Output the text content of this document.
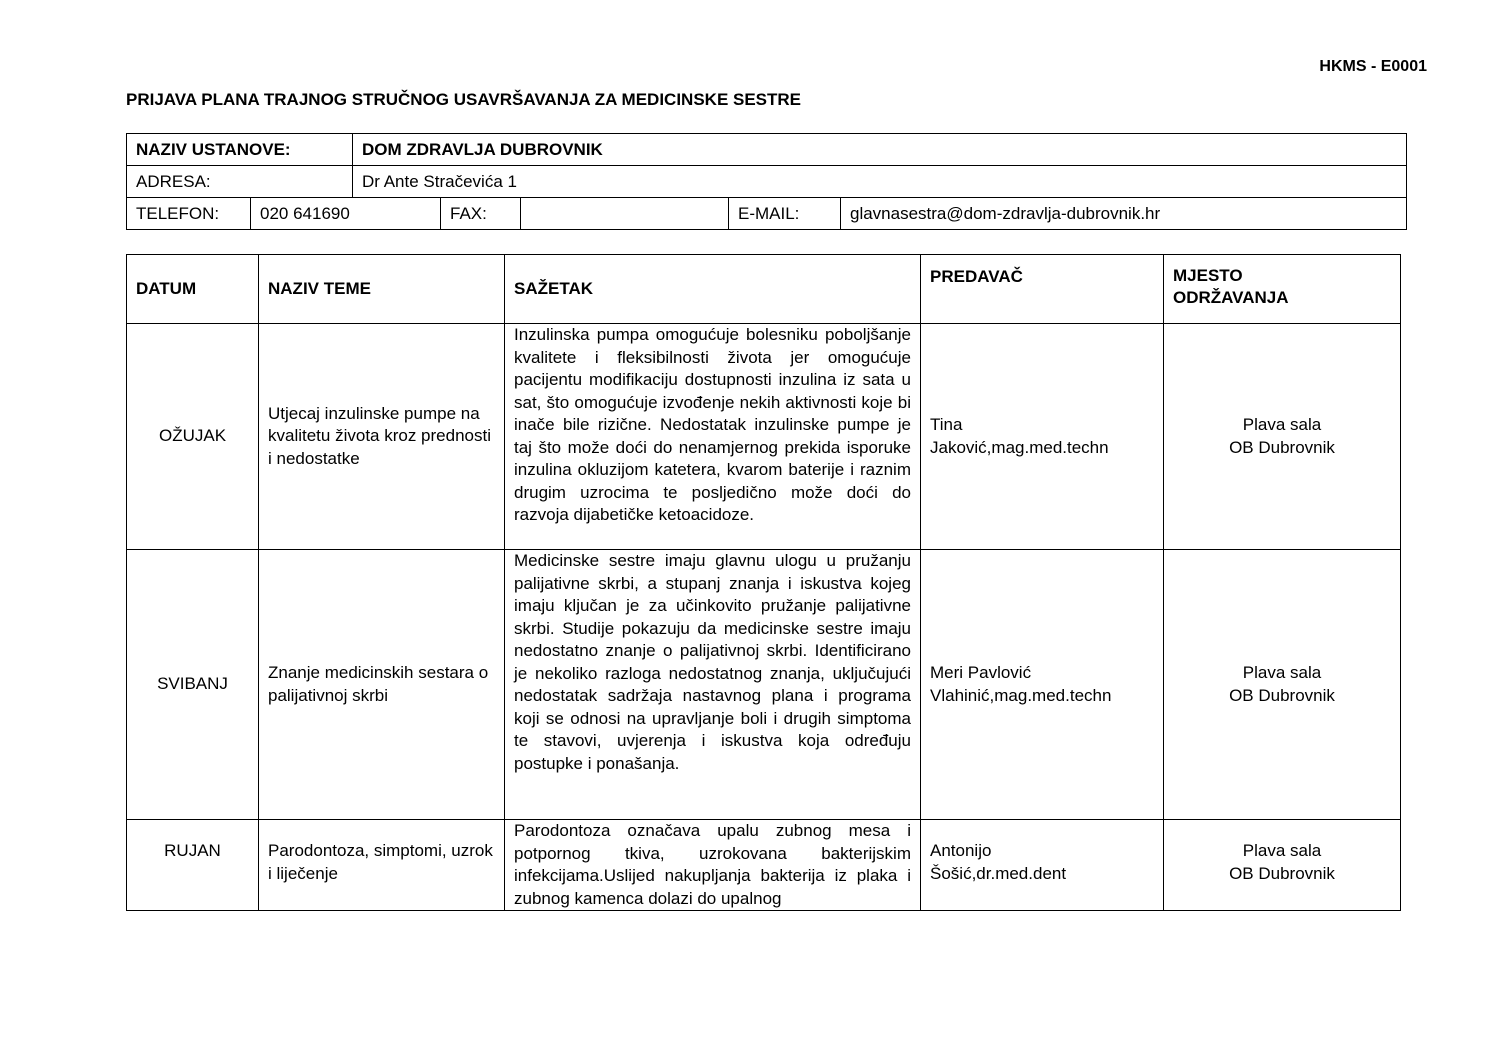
HKMS - E0001
PRIJAVA PLANA TRAJNOG STRUČNOG USAVRŠAVANJA ZA MEDICINSKE SESTRE
NAZIV USTANOVE:	DOM ZDRAVLJA DUBROVNIK
ADRESA:	Dr Ante Stračevića 1
TELEFON:	020 641690	FAX:	E-MAIL:	glavnasestra@dom-zdravlja-dubrovnik.hr
DATUM	NAZIV TEME	SAŽETAK	PREDAVAČ	MJESTO
ODRŽAVANJA
OŽUJAK	Utjecaj inzulinske pumpe na kvalitetu života kroz prednosti i nedostatke	Inzulinska pumpa omogućuje bolesniku poboljšanje kvalitete i fleksibilnosti života jer omogućuje pacijentu modifikaciju dostupnosti inzulina iz sata u sat, što omogućuje izvođenje nekih aktivnosti koje bi inače bile rizične. Nedostatak inzulinske pumpe je taj što može doći do nenamjernog prekida isporuke inzulina okluzijom katetera, kvarom baterije i raznim drugim uzrocima te posljedično može doći do razvoja dijabetičke ketoacidoze.	Tina
Jaković,mag.med.techn	Plava sala
OB Dubrovnik
SVIBANJ	Znanje medicinskih sestara o palijativnoj skrbi	Medicinske sestre imaju glavnu ulogu u pružanju palijativne skrbi, a stupanj znanja i iskustva kojeg imaju ključan je za učinkovito pružanje palijativne skrbi. Studije pokazuju da medicinske sestre imaju nedostatno znanje o palijativnoj skrbi. Identificirano je nekoliko razloga nedostatnog znanja, uključujući nedostatak sadržaja nastavnog plana i programa koji se odnosi na upravljanje boli i drugih simptoma te stavovi, uvjerenja i iskustva koja određuju postupke i ponašanja.	Meri Pavlović
Vlahinić,mag.med.techn	Plava sala
OB Dubrovnik
RUJAN	Parodontoza, simptomi, uzrok i liječenje	Parodontoza označava upalu zubnog mesa i potpornog tkiva, uzrokovana bakterijskim infekcijama.Uslijed nakupljanja bakterija iz plaka i zubnog kamenca dolazi do upalnog	Antonijo
Šošić,dr.med.dent	Plava sala
OB Dubrovnik
